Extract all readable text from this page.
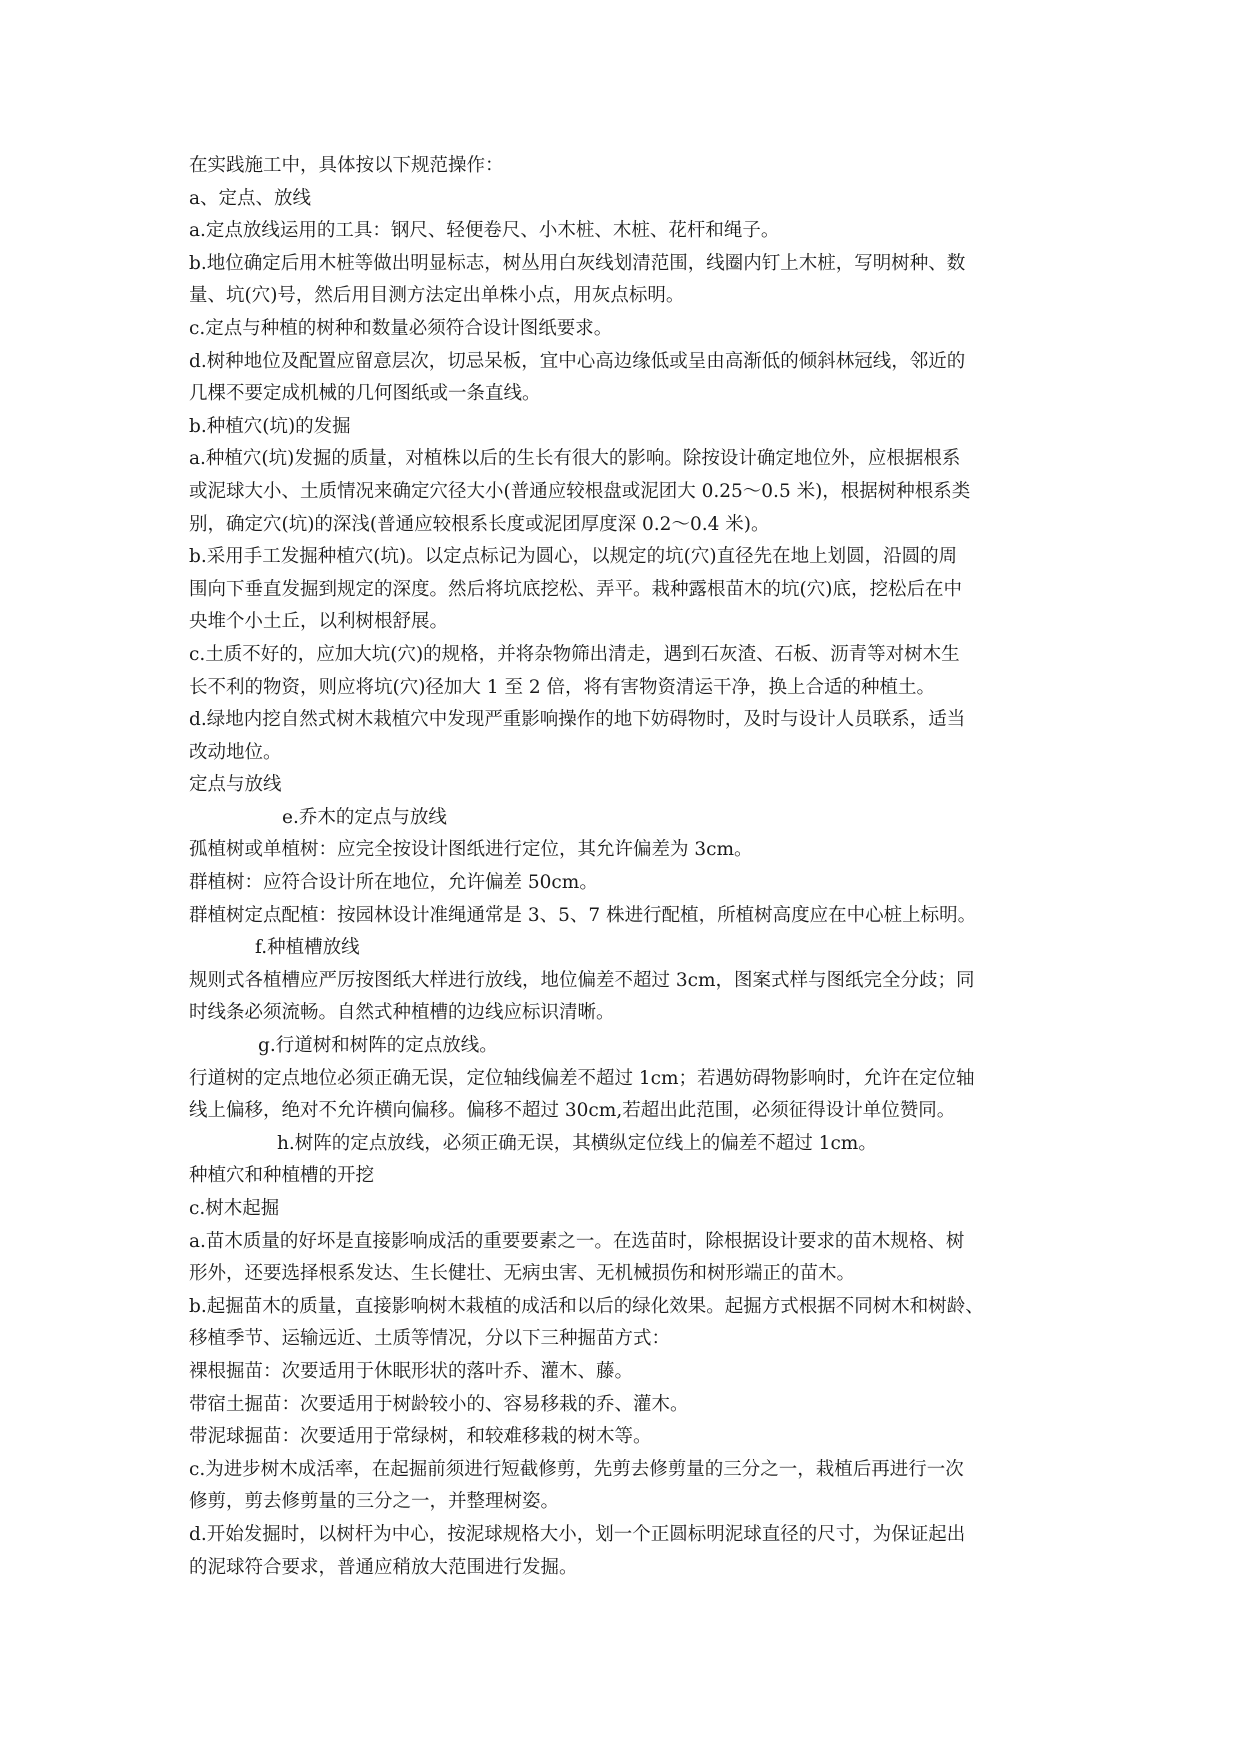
在实践施工中，具体按以下规范操作：
a、定点、放线
a.定点放线运用的工具：钢尺、轻便卷尺、小木桩、木桩、花杆和绳子。
b.地位确定后用木桩等做出明显标志，树丛用白灰线划清范围，线圈内钉上木桩，写明树种、数
量、坑(穴)号，然后用目测方法定出单株小点，用灰点标明。
c.定点与种植的树种和数量必须符合设计图纸要求。
d.树种地位及配置应留意层次，切忌呆板，宜中心高边缘低或呈由高渐低的倾斜林冠线，邻近的
几棵不要定成机械的几何图纸或一条直线。
b.种植穴(坑)的发掘
a.种植穴(坑)发掘的质量，对植株以后的生长有很大的影响。除按设计确定地位外，应根据根系
或泥球大小、土质情况来确定穴径大小(普通应较根盘或泥团大 0.25～0.5 米)，根据树种根系类
别，确定穴(坑)的深浅(普通应较根系长度或泥团厚度深 0.2～0.4 米)。
b.采用手工发掘种植穴(坑)。以定点标记为圆心，以规定的坑(穴)直径先在地上划圆，沿圆的周
围向下垂直发掘到规定的深度。然后将坑底挖松、弄平。栽种露根苗木的坑(穴)底，挖松后在中
央堆个小土丘，以利树根舒展。
c.土质不好的，应加大坑(穴)的规格，并将杂物筛出清走，遇到石灰渣、石板、沥青等对树木生
长不利的物资，则应将坑(穴)径加大 1 至 2 倍，将有害物资清运干净，换上合适的种植土。
d.绿地内挖自然式树木栽植穴中发现严重影响操作的地下妨碍物时，及时与设计人员联系，适当
改动地位。
定点与放线
e.乔木的定点与放线
孤植树或单植树：应完全按设计图纸进行定位，其允许偏差为 3cm。
群植树：应符合设计所在地位，允许偏差 50cm。
群植树定点配植：按园林设计准绳通常是 3、5、7 株进行配植，所植树高度应在中心桩上标明。
f.种植槽放线
规则式各植槽应严厉按图纸大样进行放线，地位偏差不超过 3cm，图案式样与图纸完全分歧；同
时线条必须流畅。自然式种植槽的边线应标识清晰。
g.行道树和树阵的定点放线。
行道树的定点地位必须正确无误，定位轴线偏差不超过 1cm；若遇妨碍物影响时，允许在定位轴
线上偏移，绝对不允许横向偏移。偏移不超过 30cm,若超出此范围，必须征得设计单位赞同。
h.树阵的定点放线，必须正确无误，其横纵定位线上的偏差不超过 1cm。
种植穴和种植槽的开挖
c.树木起掘
a.苗木质量的好坏是直接影响成活的重要要素之一。在选苗时，除根据设计要求的苗木规格、树
形外，还要选择根系发达、生长健壮、无病虫害、无机械损伤和树形端正的苗木。
b.起掘苗木的质量，直接影响树木栽植的成活和以后的绿化效果。起掘方式根据不同树木和树龄、
移植季节、运输远近、土质等情况，分以下三种掘苗方式：
裸根掘苗：次要适用于休眠形状的落叶乔、灌木、藤。
带宿土掘苗：次要适用于树龄较小的、容易移栽的乔、灌木。
带泥球掘苗：次要适用于常绿树，和较难移栽的树木等。
c.为进步树木成活率，在起掘前须进行短截修剪，先剪去修剪量的三分之一，栽植后再进行一次
修剪，剪去修剪量的三分之一，并整理树姿。
d.开始发掘时，以树杆为中心，按泥球规格大小，划一个正圆标明泥球直径的尺寸，为保证起出
的泥球符合要求，普通应稍放大范围进行发掘。
